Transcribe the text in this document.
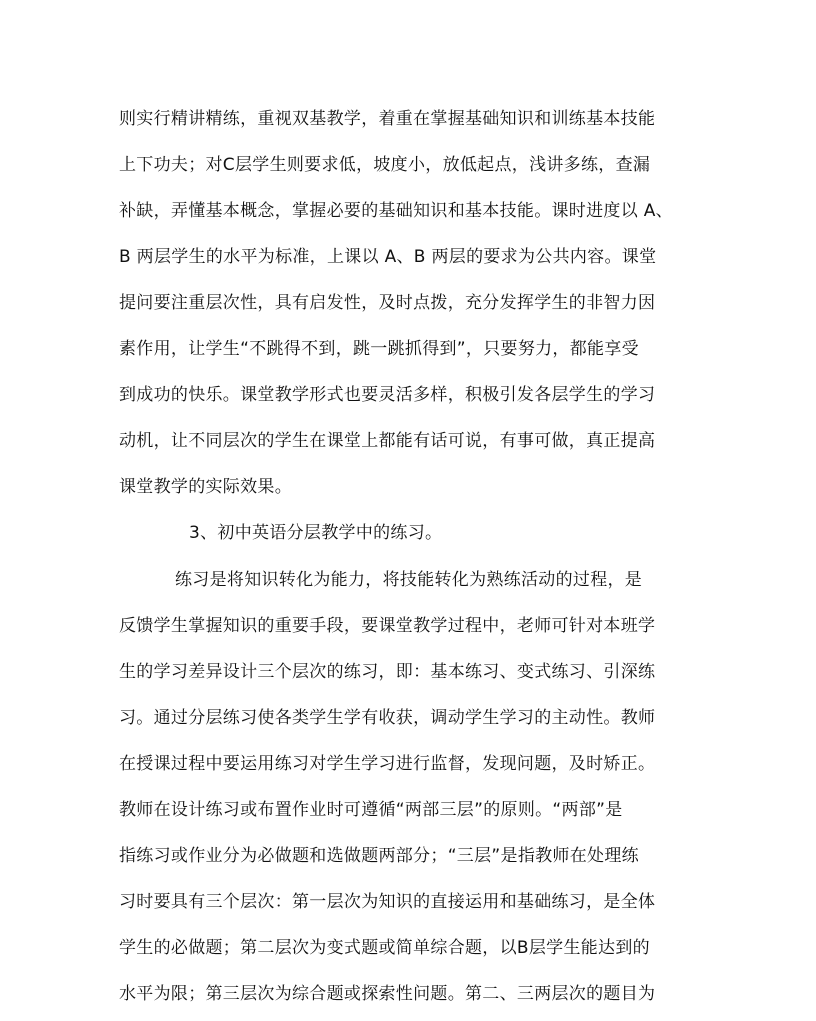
则实行精讲精练，重视双基教学，着重在掌握基础知识和训练基本技能
上下功夫；对C层学生则要求低，坡度小，放低起点，浅讲多练，查漏
补缺，弄懂基本概念，掌握必要的基础知识和基本技能。课时进度以 A、
B 两层学生的水平为标准，上课以 A、B 两层的要求为公共内容。课堂
提问要注重层次性，具有启发性，及时点拨，充分发挥学生的非智力因
素作用，让学生“不跳得不到，跳一跳抓得到”，只要努力，都能享受
到成功的快乐。课堂教学形式也要灵活多样，积极引发各层学生的学习
动机，让不同层次的学生在课堂上都能有话可说，有事可做，真正提高
课堂教学的实际效果。
3、初中英语分层教学中的练习。
练习是将知识转化为能力，将技能转化为熟练活动的过程，是
反馈学生掌握知识的重要手段，要课堂教学过程中，老师可针对本班学
生的学习差异设计三个层次的练习，即：基本练习、变式练习、引深练
习。通过分层练习使各类学生学有收获，调动学生学习的主动性。教师
在授课过程中要运用练习对学生学习进行监督，发现问题，及时矫正。
教师在设计练习或布置作业时可遵循“两部三层”的原则。“两部”是
指练习或作业分为必做题和选做题两部分；“三层”是指教师在处理练
习时要具有三个层次：第一层次为知识的直接运用和基础练习，是全体
学生的必做题；第二层次为变式题或简单综合题，以B层学生能达到的
水平为限；第三层次为综合题或探索性问题。第二、三两层次的题目为
